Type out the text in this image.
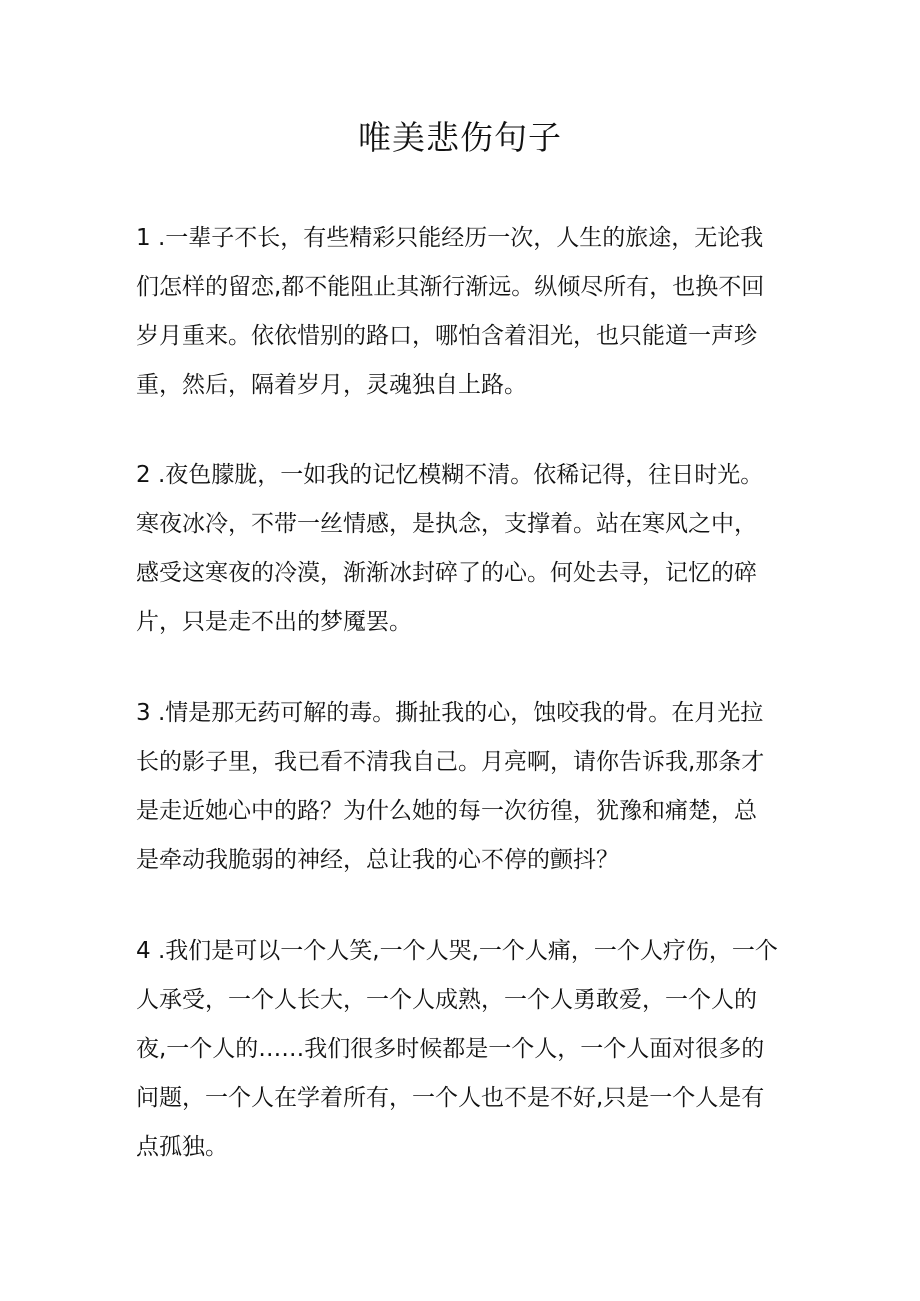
唯美悲伤句子
1 .一辈子不长，有些精彩只能经历一次，人生的旅途，无论我
们怎样的留恋,都不能阻止其渐行渐远。纵倾尽所有，也换不回
岁月重来。依依惜别的路口，哪怕含着泪光，也只能道一声珍
重，然后，隔着岁月，灵魂独自上路。
2 .夜色朦胧，一如我的记忆模糊不清。依稀记得，往日时光。
寒夜冰冷，不带一丝情感，是执念，支撑着。站在寒风之中，
感受这寒夜的冷漠，渐渐冰封碎了的心。何处去寻，记忆的碎
片，只是走不出的梦魇罢。
3 .情是那无药可解的毒。撕扯我的心，蚀咬我的骨。在月光拉
长的影子里，我已看不清我自己。月亮啊，请你告诉我,那条才
是走近她心中的路？为什么她的每一次彷徨，犹豫和痛楚，总
是牵动我脆弱的神经，总让我的心不停的颤抖？
4 .我们是可以一个人笑,一个人哭,一个人痛，一个人疗伤，一个
人承受，一个人长大，一个人成熟，一个人勇敢爱，一个人的
夜,一个人的……我们很多时候都是一个人，一个人面对很多的
问题，一个人在学着所有，一个人也不是不好,只是一个人是有
点孤独。
